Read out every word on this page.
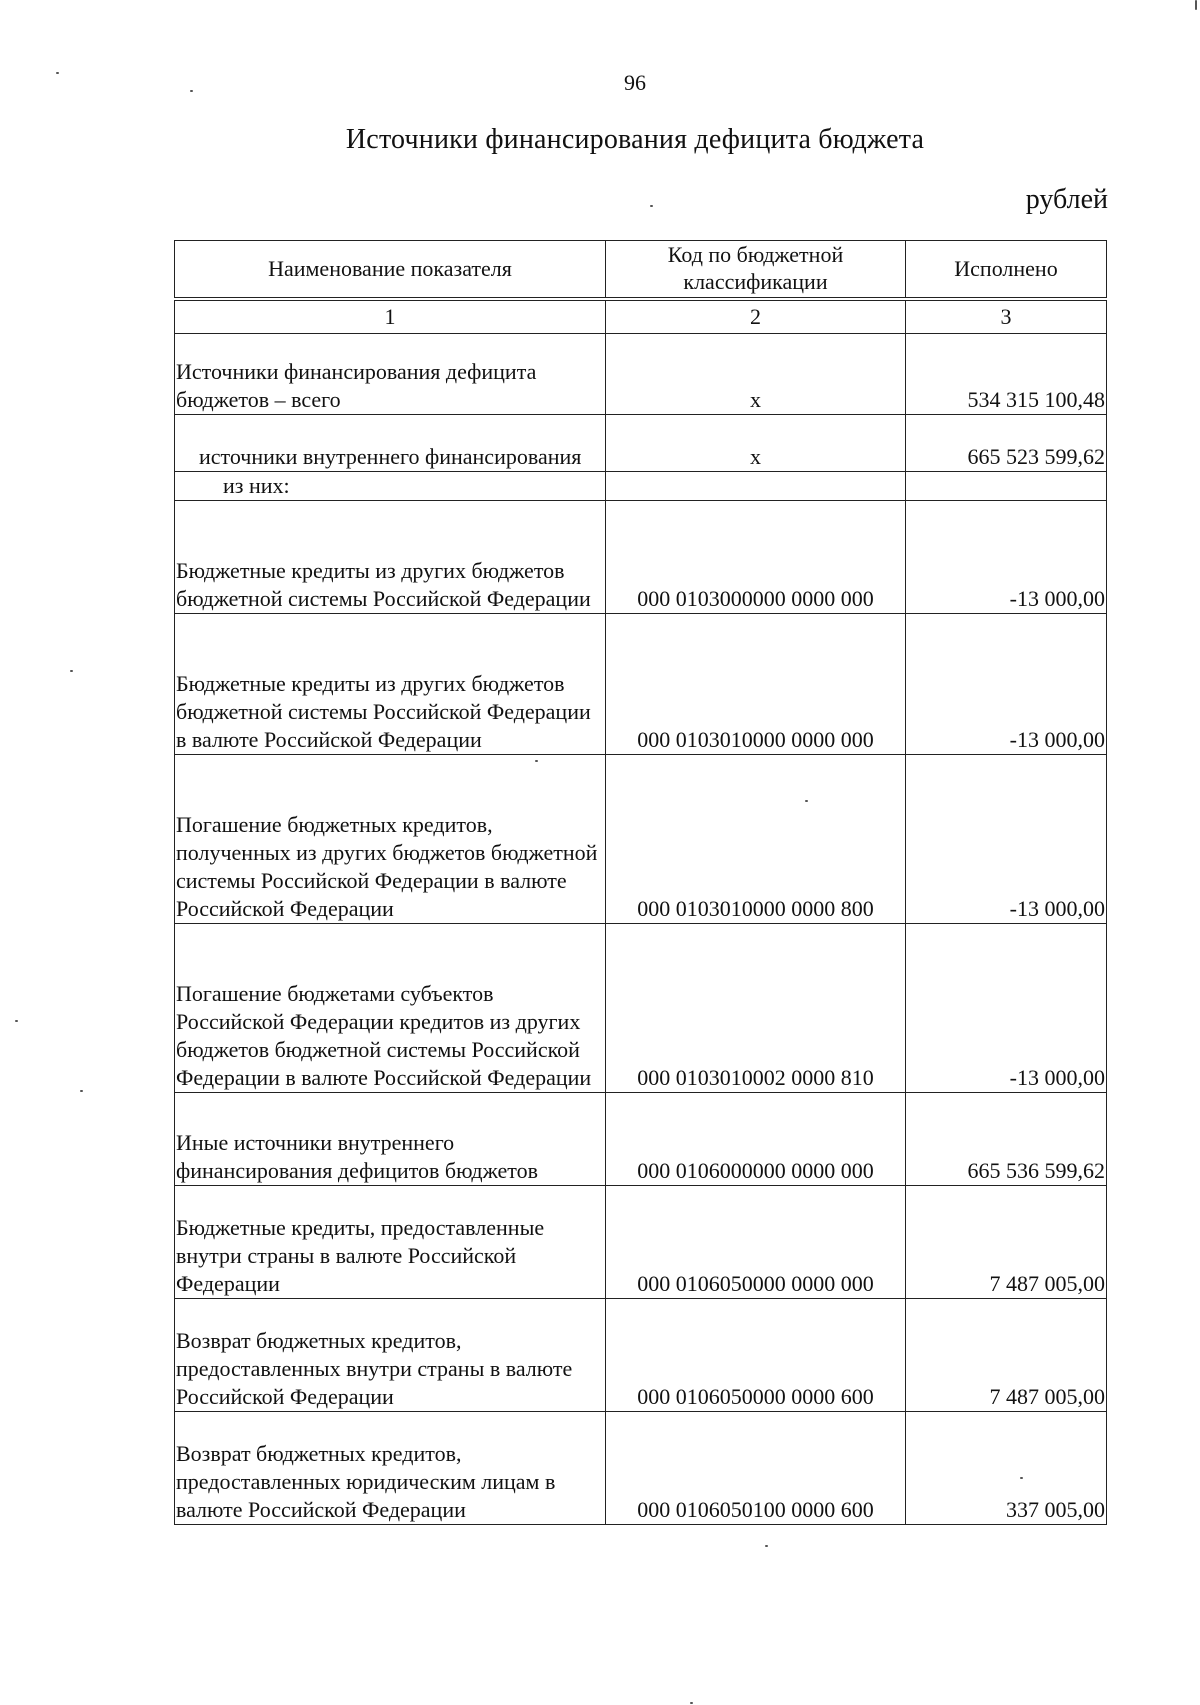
96
Источники финансирования дефицита бюджета
рублей
Наименование показателя	Код по бюджетной классификации	Исполнено
1	2	3
Источники финансирования дефицита бюджетов – всего	х	534 315 100,48
источники внутреннего финансирования	х	665 523 599,62
из них:		
Бюджетные кредиты из других бюджетов бюджетной системы Российской Федерации	000 0103000000 0000 000	-13 000,00
Бюджетные кредиты из других бюджетов бюджетной системы Российской Федерации в валюте Российской Федерации	000 0103010000 0000 000	-13 000,00
Погашение бюджетных кредитов, полученных из других бюджетов бюджетной системы Российской Федерации в валюте Российской Федерации	000 0103010000 0000 800	-13 000,00
Погашение бюджетами субъектов Российской Федерации кредитов из других бюджетов бюджетной системы Российской Федерации в валюте Российской Федерации	000 0103010002 0000 810	-13 000,00
Иные источники внутреннего финансирования дефицитов бюджетов	000 0106000000 0000 000	665 536 599,62
Бюджетные кредиты, предоставленные внутри страны в валюте Российской Федерации	000 0106050000 0000 000	7 487 005,00
Возврат бюджетных кредитов, предоставленных внутри страны в валюте Российской Федерации	000 0106050000 0000 600	7 487 005,00
Возврат бюджетных кредитов, предоставленных юридическим лицам в валюте Российской Федерации	000 0106050100 0000 600	337 005,00
